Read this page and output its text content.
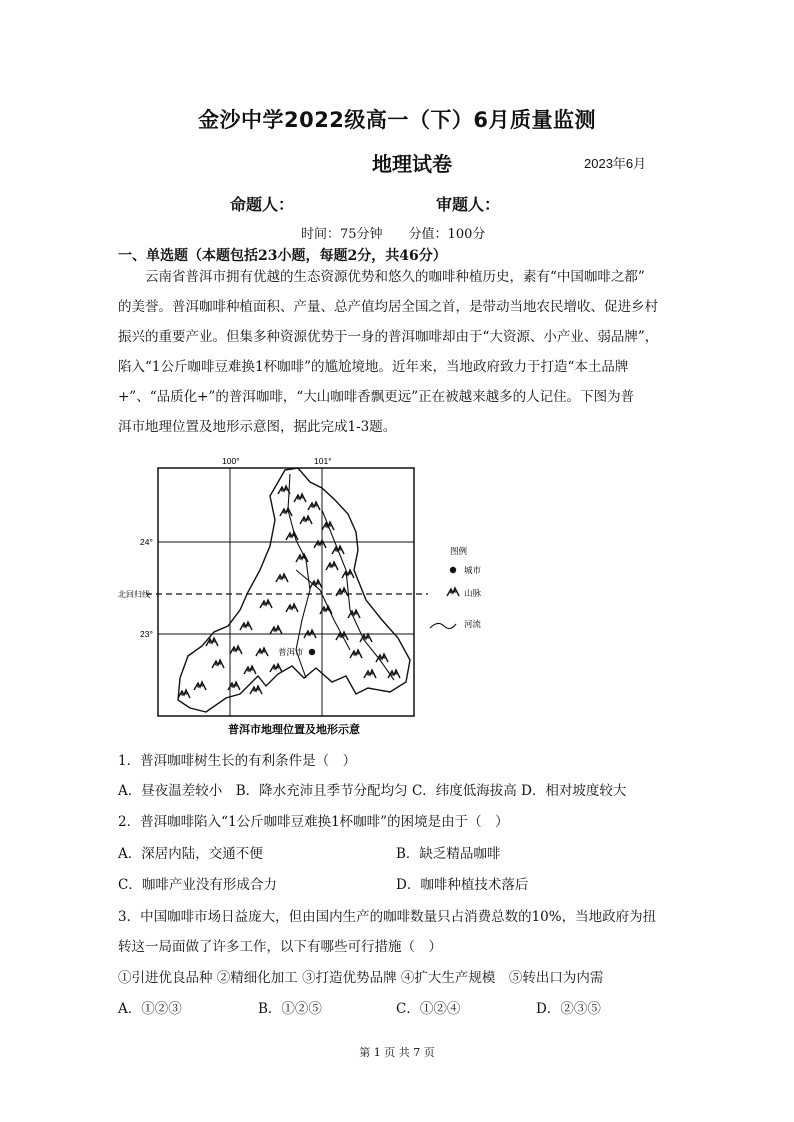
金沙中学2022级高一（下）6月质量监测
地理试卷	2023年6月
命题人：	审题人：
时间：75分钟　　分值：100分
一、单选题（本题包括23小题，每题2分，共46分）

云南省普洱市拥有优越的生态资源优势和悠久的咖啡种植历史，素有“中国咖啡之都”

的美誉。普洱咖啡种植面积、产量、总产值均居全国之首，是带动当地农民增收、促进乡村

振兴的重要产业。但集多种资源优势于一身的普洱咖啡却由于“大资源、小产业、弱品牌”，

陷入“1公斤咖啡豆难换1杯咖啡”的尴尬境地。近年来，当地政府致力于打造“本土品牌

+”、“品质化+”的普洱咖啡，“大山咖啡香飘更远”正在被越来越多的人记住。下图为普

洱市地理位置及地形示意图，据此完成1-3题。

普洱市
100°	101°
24°
23°
北回归线
图例
城市
山脉
河流
普洱市地理位置及地形示意
1．普洱咖啡树生长的有利条件是（　）
A．昼夜温差较小　B．降水充沛且季节分配均匀 C．纬度低海拔高 D．相对坡度较大
2．普洱咖啡陷入“1公斤咖啡豆难换1杯咖啡”的困境是由于（　）
A．深居内陆，交通不便	B．缺乏精品咖啡
C．咖啡产业没有形成合力	D．咖啡种植技术落后
3．中国咖啡市场日益庞大，但由国内生产的咖啡数量只占消费总数的10%，当地政府为扭
转这一局面做了许多工作，以下有哪些可行措施（　）
①引进优良品种 ②精细化加工 ③打造优势品牌 ④扩大生产规模　⑤转出口为内需
A．①②③	B．①②⑤	C．①②④	D．②③⑤
第 1 页 共 7 页
